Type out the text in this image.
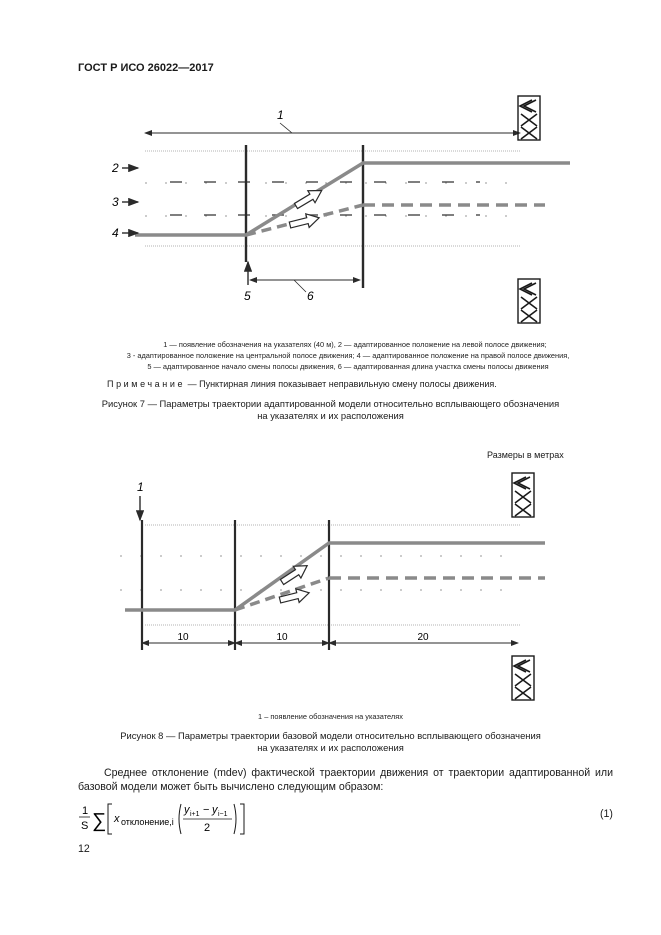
ГОСТ Р ИСО 26022—2017
1
2
3
4
5	6
1 — появление обозначения на указателях (40 м), 2 — адаптированное положение на левой полосе движения;
3 - адаптированное положение на центральной полосе движения; 4 — адаптированное положение на правой полосе движения,
5 — адаптированное начало смены полосы движения, 6 — адаптированная длина участка смены полосы движения
Примечание — Пунктирная линия показывает неправильную смену полосы движения.
Рисунок 7 — Параметры траектории адаптированной модели относительно всплывающего обозначения
на указателях и их расположения
Размеры в метрах
1
10	10	20
1 – появление обозначения на указателях
Рисунок 8 — Параметры траектории базовой модели относительно всплывающего обозначения
на указателях и их расположения
Среднее отклонение (mdev) фактической траектории движения от траектории адаптированной или базовой модели может быть вычислено следующим образом:
1
S ∑ x отклонение,i
y i+1 − y i−1
2
(1)
12
